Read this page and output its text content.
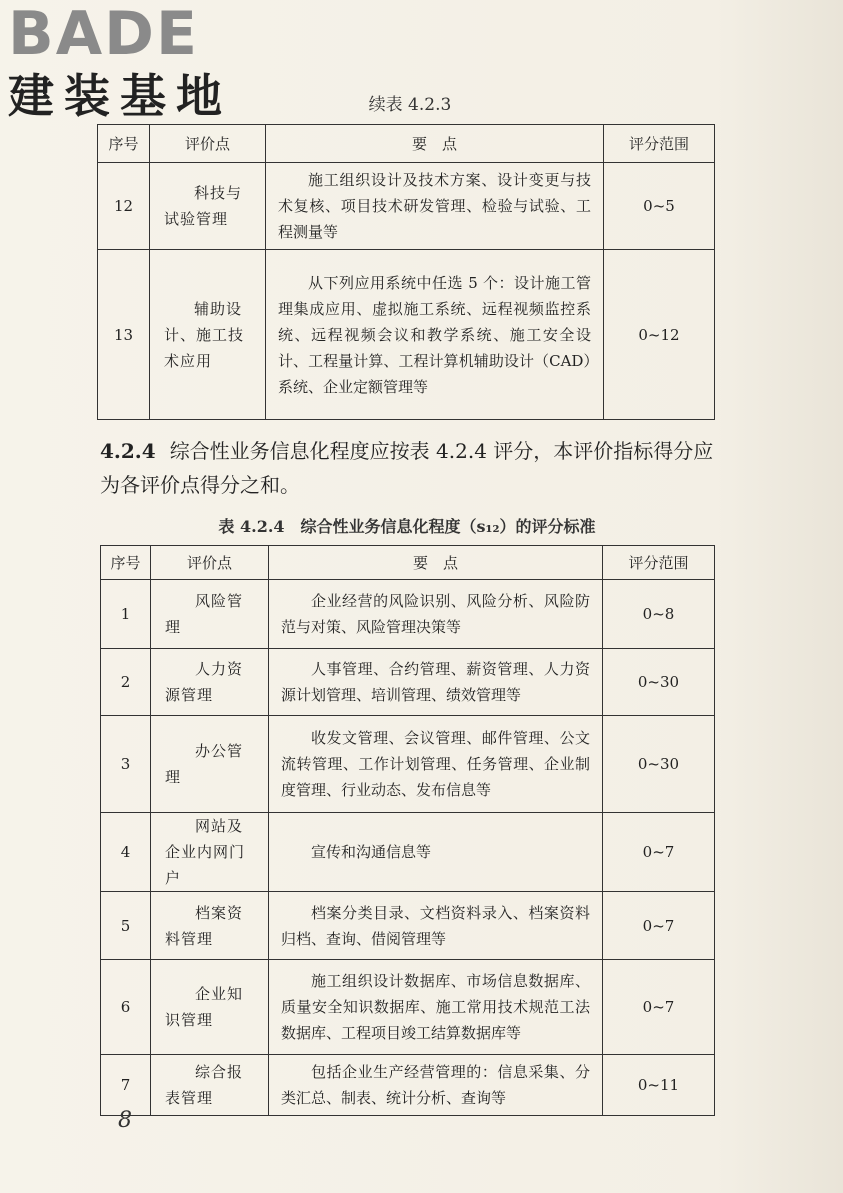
BADE
建装基地	续表 4.2.3
序号	评价点	要　点	评分范围
12	科技与试验管理	施工组织设计及技术方案、设计变更与技术复核、项目技术研发管理、检验与试验、工程测量等	0~5
13	辅助设计、施工技术应用	从下列应用系统中任选 5 个：设计施工管理集成应用、虚拟施工系统、远程视频监控系统、远程视频会议和教学系统、施工安全设计、工程量计算、工程计算机辅助设计（CAD）系统、企业定额管理等	0~12
4.2.4 综合性业务信息化程度应按表 4.2.4 评分，本评价指标得分应为各评价点得分之和。
表 4.2.4　综合性业务信息化程度（s₁₂）的评分标准
序号	评价点	要　点	评分范围
1	风险管理	企业经营的风险识别、风险分析、风险防范与对策、风险管理决策等	0~8
2	人力资源管理	人事管理、合约管理、薪资管理、人力资源计划管理、培训管理、绩效管理等	0~30
3	办公管理	收发文管理、会议管理、邮件管理、公文流转管理、工作计划管理、任务管理、企业制度管理、行业动态、发布信息等	0~30
4	网站及企业内网门户	宣传和沟通信息等	0~7
5	档案资料管理	档案分类目录、文档资料录入、档案资料归档、查询、借阅管理等	0~7
6	企业知识管理	施工组织设计数据库、市场信息数据库、质量安全知识数据库、施工常用技术规范工法数据库、工程项目竣工结算数据库等	0~7
7	综合报表管理	包括企业生产经营管理的：信息采集、分类汇总、制表、统计分析、查询等	0~11
8
